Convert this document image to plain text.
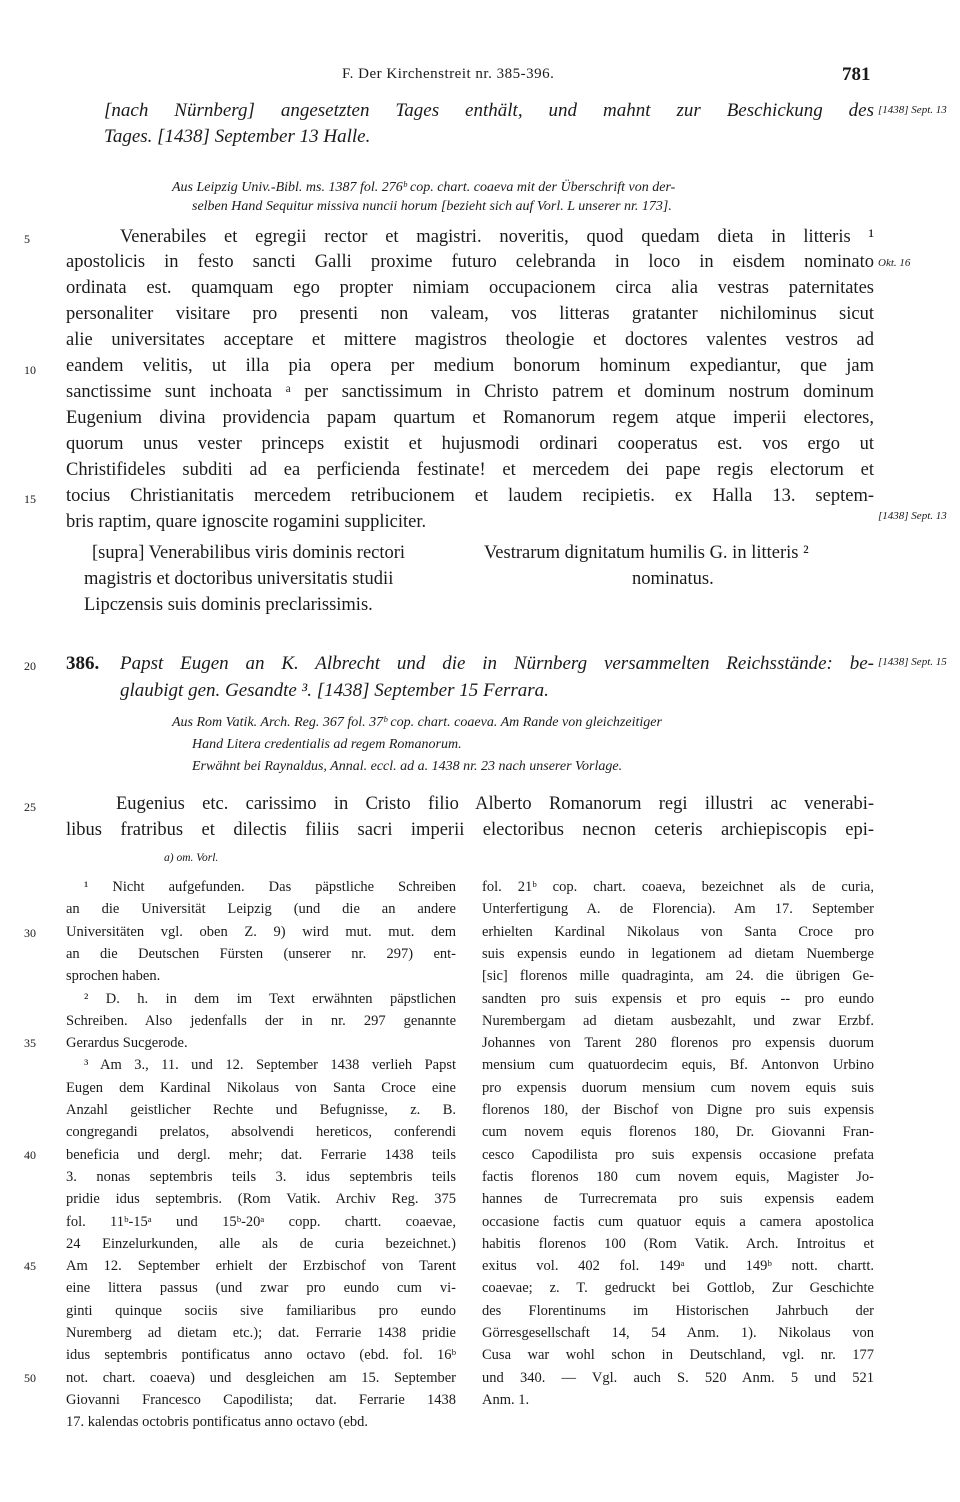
F. Der Kirchenstreit nr. 385-396.	781
[nach Nürnberg] angesetzten Tages enthält, und mahnt zur Beschickung des
Tages. [1438] September 13 Halle.
[1438] Sept. 13
Aus Leipzig Univ.-Bibl. ms. 1387 fol. 276ᵇ cop. chart. coaeva mit der Überschrift von der-
selben Hand Sequitur missiva nuncii horum [bezieht sich auf Vorl. L unserer nr. 173].
5
10
15
20
25
30
35
40
45
50
Venerabiles et egregii rector et magistri. noveritis, quod quedam dieta in litteris ¹
apostolicis in festo sancti Galli proxime futuro celebranda in loco in eisdem nominato
ordinata est. quamquam ego propter nimiam occupacionem circa alia vestras paternitates
personaliter visitare pro presenti non valeam, vos litteras gratanter nichilominus sicut
alie universitates acceptare et mittere magistros theologie et doctores valentes vestros ad
eandem velitis, ut illa pia opera per medium bonorum hominum expediantur, que jam
sanctissime sunt inchoata ᵃ per sanctissimum in Christo patrem et dominum nostrum dominum
Eugenium divina providencia papam quartum et Romanorum regem atque imperii electores,
quorum unus vester princeps existit et hujusmodi ordinari cooperatus est. vos ergo ut
Christifideles subditi ad ea perficienda festinate! et mercedem dei pape regis electorum et
tocius Christianitatis mercedem retribucionem et laudem recipietis. ex Halla 13. septem-
bris raptim, quare ignoscite rogamini suppliciter.
Okt. 16
[1438] Sept. 13
[supra] Venerabilibus viris dominis rectori
magistris et doctoribus universitatis studii
Lipczensis suis dominis preclarissimis.
Vestrarum dignitatum humilis G. in litteris ²
nominatus.
386. Papst Eugen an K. Albrecht und die in Nürnberg versammelten Reichsstände: be-
glaubigt gen. Gesandte ³. [1438] September 15 Ferrara.
[1438] Sept. 15
Aus Rom Vatik. Arch. Reg. 367 fol. 37ᵇ cop. chart. coaeva. Am Rande von gleichzeitiger
Hand Litera credentialis ad regem Romanorum.
Erwähnt bei Raynaldus, Annal. eccl. ad a. 1438 nr. 23 nach unserer Vorlage.
Eugenius etc. carissimo in Cristo filio Alberto Romanorum regi illustri ac venerabi-
libus fratribus et dilectis filiis sacri imperii electoribus necnon ceteris archiepiscopis epi-
a) om. Vorl.
¹ Nicht aufgefunden. Das päpstliche Schreiben
an die Universität Leipzig (und die an andere
Universitäten vgl. oben Z. 9) wird mut. mut. dem
an die Deutschen Fürsten (unserer nr. 297) ent-
sprochen haben.
² D. h. in dem im Text erwähnten päpstlichen
Schreiben. Also jedenfalls der in nr. 297 genannte
Gerardus Sucgerode.
³ Am 3., 11. und 12. September 1438 verlieh Papst
Eugen dem Kardinal Nikolaus von Santa Croce eine
Anzahl geistlicher Rechte und Befugnisse, z. B.
congregandi prelatos, absolvendi hereticos, conferendi
beneficia und dergl. mehr; dat. Ferrarie 1438 teils
3. nonas septembris teils 3. idus septembris teils
pridie idus septembris. (Rom Vatik. Archiv Reg. 375
fol. 11ᵇ-15ᵃ und 15ᵇ-20ᵃ copp. chartt. coaevae,
24 Einzelurkunden, alle als de curia bezeichnet.)
Am 12. September erhielt der Erzbischof von Tarent
eine littera passus (und zwar pro eundo cum vi-
ginti quinque sociis sive familiaribus pro eundo
Nuremberg ad dietam etc.); dat. Ferrarie 1438 pridie
idus septembris pontificatus anno octavo (ebd. fol. 16ᵇ
not. chart. coaeva) und desgleichen am 15. September
Giovanni Francesco Capodilista; dat. Ferrarie 1438
17. kalendas octobris pontificatus anno octavo (ebd.
fol. 21ᵇ cop. chart. coaeva, bezeichnet als de curia,
Unterfertigung A. de Florencia). Am 17. September
erhielten Kardinal Nikolaus von Santa Croce pro
suis expensis eundo in legationem ad dietam Nuemberge
[sic] florenos mille quadraginta, am 24. die übrigen Ge-
sandten pro suis expensis et pro equis -- pro eundo
Nurembergam ad dietam ausbezahlt, und zwar Erzbf.
Johannes von Tarent 280 florenos pro expensis duorum
mensium cum quatuordecim equis, Bf. Antonvon Urbino
pro expensis duorum mensium cum novem equis suis
florenos 180, der Bischof von Digne pro suis expensis
cum novem equis florenos 180, Dr. Giovanni Fran-
cesco Capodilista pro suis expensis occasione prefata
factis florenos 180 cum novem equis, Magister Jo-
hannes de Turrecremata pro suis expensis eadem
occasione factis cum quatuor equis a camera apostolica
habitis florenos 100 (Rom Vatik. Arch. Introitus et
exitus vol. 402 fol. 149ᵃ und 149ᵇ nott. chartt.
coaevae; z. T. gedruckt bei Gottlob, Zur Geschichte
des Florentinums im Historischen Jahrbuch der
Görresgesellschaft 14, 54 Anm. 1). Nikolaus von
Cusa war wohl schon in Deutschland, vgl. nr. 177
und 340. — Vgl. auch S. 520 Anm. 5 und 521
Anm. 1.
